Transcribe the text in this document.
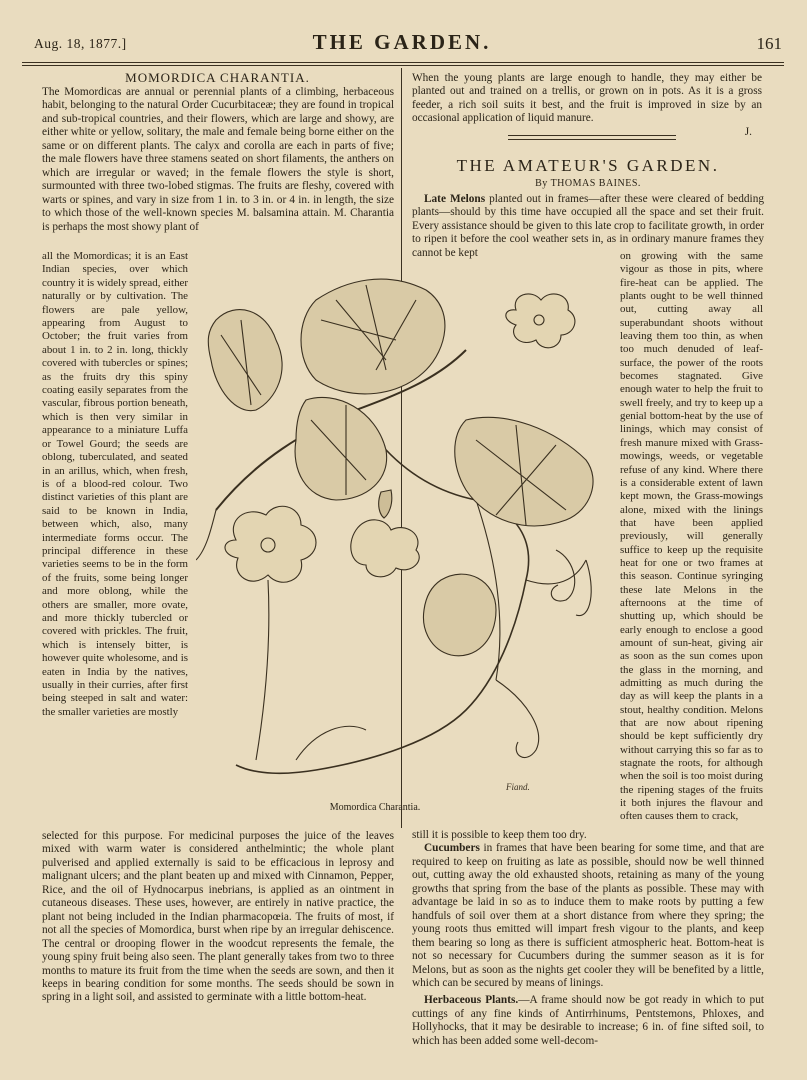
Aug. 18, 1877.]	THE GARDEN.	161
MOMORDICA CHARANTIA.

The Momordicas are annual or perennial plants of a climbing, herbaceous habit, belonging to the natural Order Cucurbitaceæ; they are found in tropical and sub-tropical countries, and their flowers, which are large and showy, are either white or yellow, solitary, the male and female being borne either on the same or on different plants. The calyx and corolla are each in parts of five; the male flowers have three stamens seated on short filaments, the anthers on which are irregular or waved; in the female flowers the style is short, surmounted with three two-lobed stigmas. The fruits are fleshy, covered with warts or spines, and vary in size from 1 in. to 3 in. or 4 in. in length, the size to which those of the well-known species M. balsamina attain. M. Charantia is perhaps the most showy plant of

all the Momordicas; it is an East Indian species, over which country it is widely spread, either naturally or by cultivation. The flowers are pale yellow, appearing from August to October; the fruit varies from about 1 in. to 2 in. long, thickly covered with tubercles or spines; as the fruits dry this spiny coating easily separates from the vascular, fibrous portion beneath, which is then very similar in appearance to a miniature Luffa or Towel Gourd; the seeds are oblong, tuberculated, and seated in an arillus, which, when fresh, is of a blood-red colour. Two distinct varieties of this plant are said to be known in India, between which, also, many intermediate forms occur. The principal difference in these varieties seems to be in the form of the fruits, some being longer and more oblong, while the others are smaller, more ovate, and more thickly tubercled or covered with prickles. The fruit, which is intensely bitter, is however quite wholesome, and is eaten in India by the natives, usually in their curries, after first being steeped in salt and water: the smaller varieties are mostly

selected for this purpose. For medicinal purposes the juice of the leaves mixed with warm water is considered anthelmintic; the whole plant pulverised and applied externally is said to be efficacious in leprosy and malignant ulcers; and the plant beaten up and mixed with Cinnamon, Pepper, Rice, and the oil of Hydnocarpus inebrians, is applied as an ointment in cutaneous diseases. These uses, however, are entirely in native practice, the plant not being included in the Indian pharmacopœia. The fruits of most, if not all the species of Momordica, burst when ripe by an irregular dehiscence. The central or drooping flower in the woodcut represents the female, the young spiny fruit being also seen. The plant generally takes from two to three months to mature its fruit from the time when the seeds are sown, and then it keeps in bearing condition for some months. The seeds should be sown in spring in a light soil, and assisted to germinate with a little bottom-heat.

When the young plants are large enough to handle, they may either be planted out and trained on a trellis, or grown on in pots. As it is a gross feeder, a rich soil suits it best, and the fruit is improved in size by an occasional application of liquid manure.

J.

THE AMATEUR'S GARDEN.
By THOMAS BAINES.

Late Melons planted out in frames—after these were cleared of bedding plants—should by this time have occupied all the space and set their fruit. Every assistance should be given to this late crop to facilitate growth, in order to ripen it before the cool weather sets in, as in ordinary manure frames they cannot be kept	on growing with the same vigour as those in pits, where fire-heat can be applied. The plants ought to be well thinned out, cutting away all superabundant shoots without leaving them too thin, as when too much denuded of leaf-surface, the power of the roots becomes stagnated. Give enough water to help the fruit to swell freely, and try to keep up a genial bottom-heat by the use of linings, which may consist of fresh manure mixed with Grass-mowings, weeds, or vegetable refuse of any kind. Where there is a considerable extent of lawn kept mown, the Grass-mowings alone, mixed with the linings that have been applied previously, will generally suffice to keep up the requisite heat for one or two frames at this season. Continue syringing these late Melons in the afternoons at the time of shutting up, which should be early enough to enclose a good amount of sun-heat, giving air as soon as the sun comes upon the glass in the morning, and admitting as much during the day as will keep the plants in a stout, healthy condition. Melons that are now about ripening should be kept sufficiently dry without carrying this so far as to stagnate the roots, for although when the soil is too moist during the ripening stages of the fruits it both injures the flavour and often causes them to crack,

still it is possible to keep them too dry.

Cucumbers in frames that have been bearing for some time, and that are required to keep on fruiting as late as possible, should now be well thinned out, cutting away the old exhausted shoots, retaining as many of the young growths that spring from the base of the plants as possible. These may with advantage be laid in so as to induce them to make roots by putting a few handfuls of soil over them at a short distance from where they spring; the young roots thus emitted will impart fresh vigour to the plants, and keep them bearing so long as there is sufficient atmospheric heat. Bottom-heat is not so necessary for Cucumbers during the summer season as it is for Melons, but as soon as the nights get cooler they will be benefited by a little, which can be secured by means of linings.

Herbaceous Plants.—A frame should now be got ready in which to put cuttings of any fine kinds of Antirrhinums, Pentstemons, Phloxes, and Hollyhocks, that it may be desirable to increase; 6 in. of fine sifted soil, to which has been added some well-decom-

Fiand.
Momordica Charantia.
